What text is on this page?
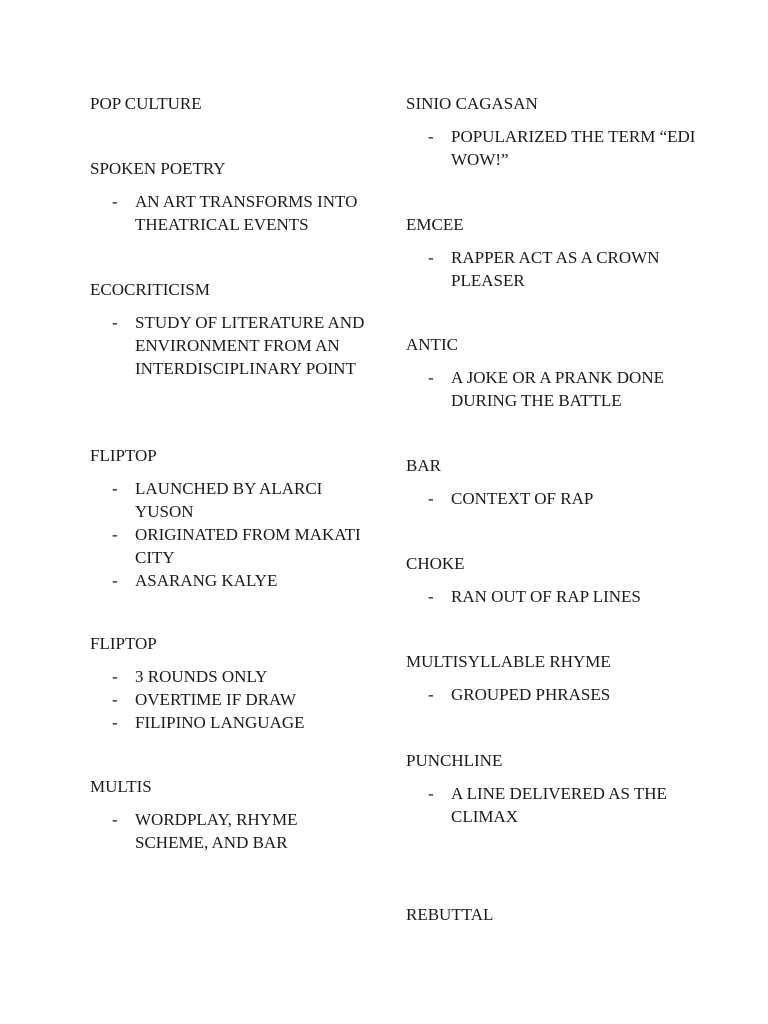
POP CULTURE
SPOKEN POETRY
- AN ART TRANSFORMS INTO THEATRICAL EVENTS
ECOCRITICISM
- STUDY OF LITERATURE AND ENVIRONMENT FROM AN INTERDISCIPLINARY POINT
FLIPTOP
- LAUNCHED BY ALARCI YUSON
- ORIGINATED FROM MAKATI CITY
- ASARANG KALYE
FLIPTOP
- 3 ROUNDS ONLY
- OVERTIME IF DRAW
- FILIPINO LANGUAGE
MULTIS
- WORDPLAY, RHYME SCHEME, AND BAR
SINIO CAGASAN
- POPULARIZED THE TERM “EDI WOW!”
EMCEE
- RAPPER ACT AS A CROWN PLEASER
ANTIC
- A JOKE OR A PRANK DONE DURING THE BATTLE
BAR
- CONTEXT OF RAP
CHOKE
- RAN OUT OF RAP LINES
MULTISYLLABLE RHYME
- GROUPED PHRASES
PUNCHLINE
- A LINE DELIVERED AS THE CLIMAX
REBUTTAL
